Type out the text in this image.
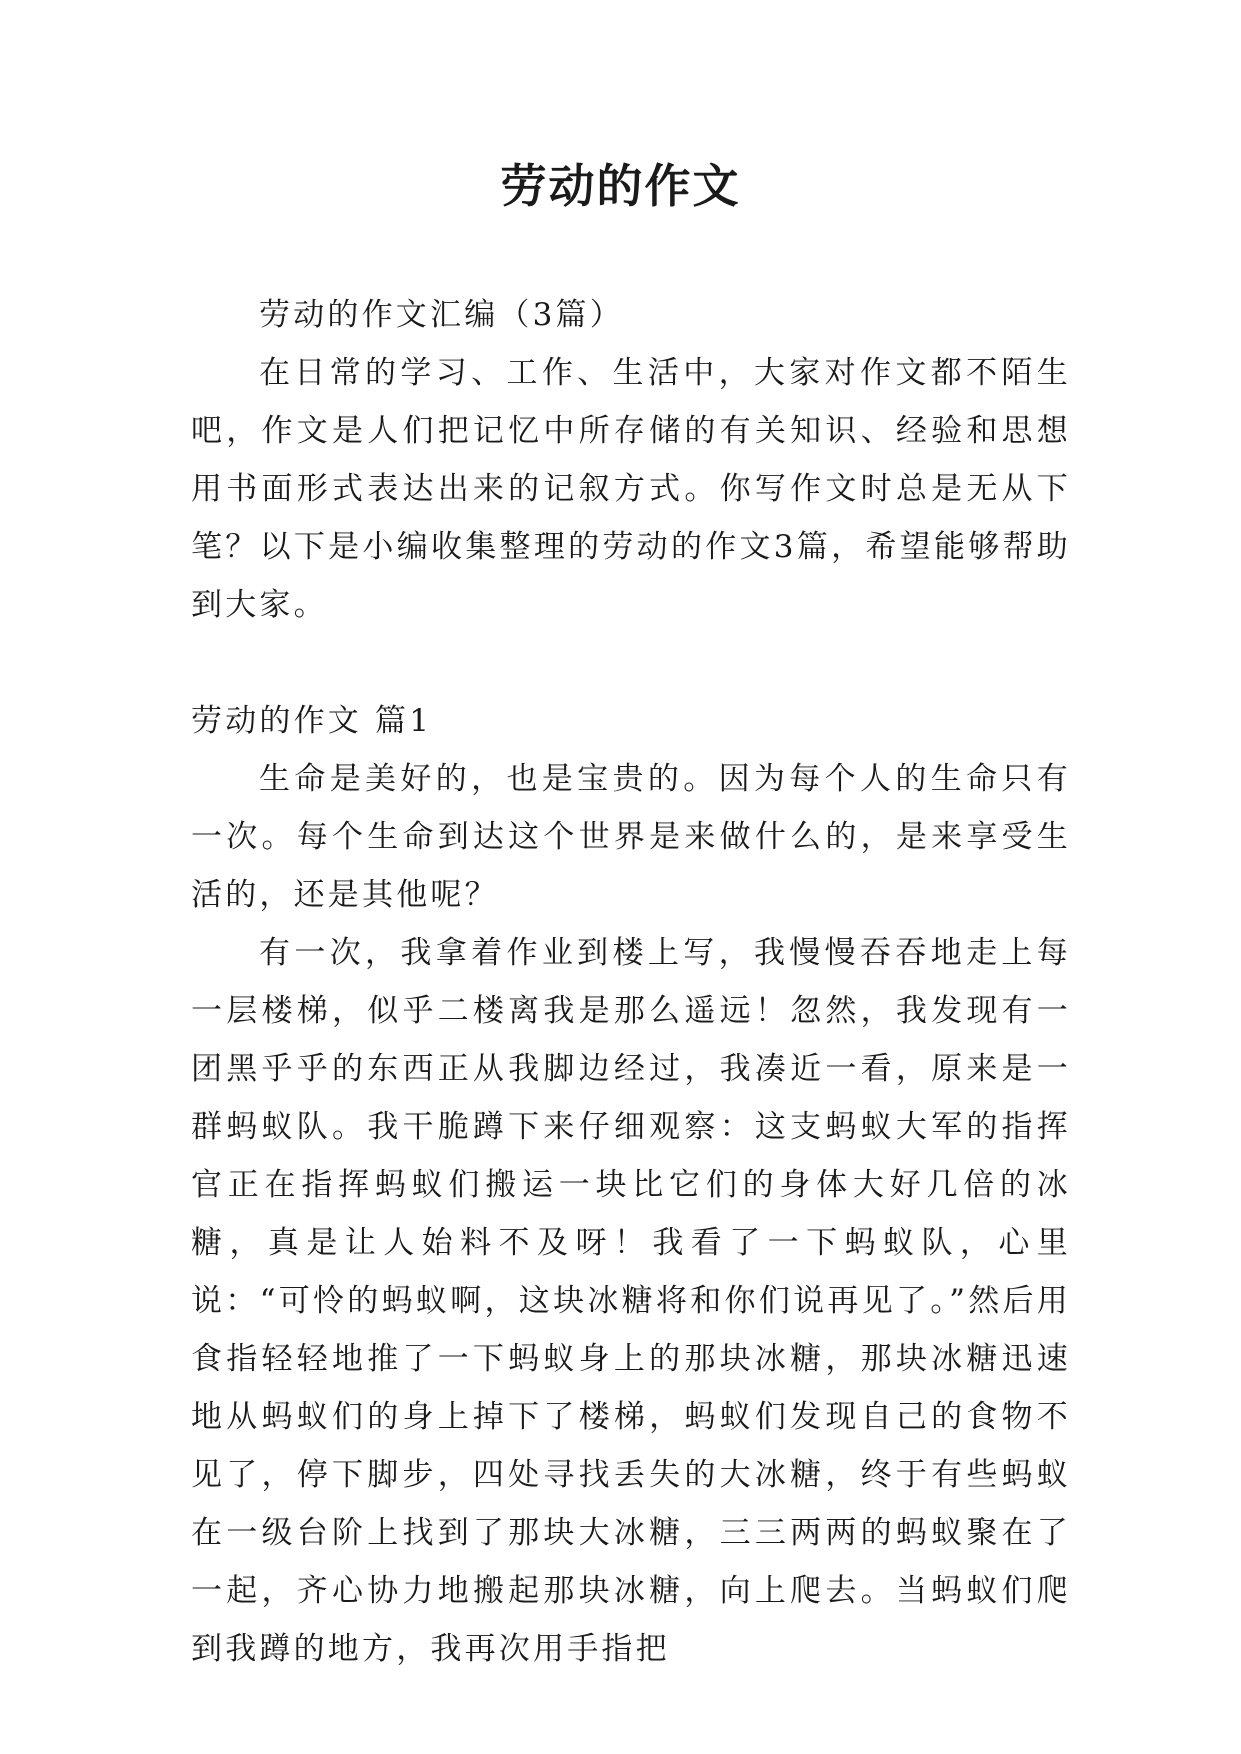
劳动的作文

劳动的作文汇编（3篇）

在日常的学习、工作、生活中，大家对作文都不陌生吧，作文是人们把记忆中所存储的有关知识、经验和思想用书面形式表达出来的记叙方式。你写作文时总是无从下笔？以下是小编收集整理的劳动的作文3篇，希望能够帮助到大家。

劳动的作文 篇1

生命是美好的，也是宝贵的。因为每个人的生命只有一次。每个生命到达这个世界是来做什么的，是来享受生活的，还是其他呢？

有一次，我拿着作业到楼上写，我慢慢吞吞地走上每一层楼梯，似乎二楼离我是那么遥远！忽然，我发现有一团黑乎乎的东西正从我脚边经过，我凑近一看，原来是一群蚂蚁队。我干脆蹲下来仔细观察：这支蚂蚁大军的指挥官正在指挥蚂蚁们搬运一块比它们的身体大好几倍的冰糖，真是让人始料不及呀！我看了一下蚂蚁队，心里说：“可怜的蚂蚁啊，这块冰糖将和你们说再见了。”然后用食指轻轻地推了一下蚂蚁身上的那块冰糖，那块冰糖迅速地从蚂蚁们的身上掉下了楼梯，蚂蚁们发现自己的食物不见了，停下脚步，四处寻找丢失的大冰糖，终于有些蚂蚁在一级台阶上找到了那块大冰糖，三三两两的蚂蚁聚在了一起，齐心协力地搬起那块冰糖，向上爬去。当蚂蚁们爬到我蹲的地方，我再次用手指把
